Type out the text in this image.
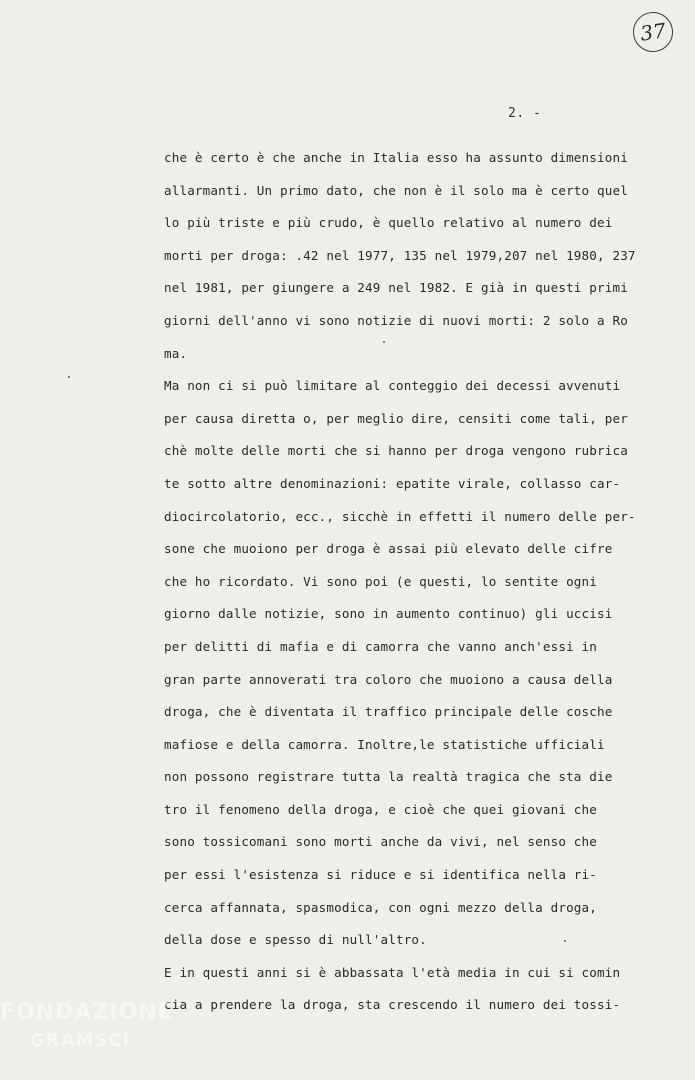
37
2. -
che è certo è che anche in Italia esso ha assunto dimensioni
allarmanti. Un primo dato, che non è il solo ma è certo quel
lo più triste e più crudo, è quello relativo al numero dei
morti per droga: .42 nel 1977, 135 nel 1979,207 nel 1980, 237
nel 1981, per giungere a 249 nel 1982. E già in questi primi
giorni dell'anno vi sono notizie di nuovi morti: 2 solo a Ro
ma.
Ma non ci si può limitare al conteggio dei decessi avvenuti
per causa diretta o, per meglio dire, censiti come tali, per
chè molte delle morti che si hanno per droga vengono rubrica
te sotto altre denominazioni: epatite virale, collasso car-
diocircolatorio, ecc., sicchè in effetti il numero delle per-
sone che muoiono per droga è assai più elevato delle cifre
che ho ricordato. Vi sono poi (e questi, lo sentite ogni
giorno dalle notizie, sono in aumento continuo) gli uccisi
per delitti di mafia e di camorra che vanno anch'essi in
gran parte annoverati tra coloro che muoiono a causa della
droga, che è diventata il traffico principale delle cosche
mafiose e della camorra. Inoltre,le statistiche ufficiali
non possono registrare tutta la realtà tragica che sta die
tro il fenomeno della droga, e cioè che quei giovani che
sono tossicomani sono morti anche da vivi, nel senso che
per essi l'esistenza si riduce e si identifica nella ri-
cerca affannata, spasmodica, con ogni mezzo della droga,
della dose e spesso di null'altro.
E in questi anni si è abbassata l'età media in cui si comin
cia a prendere la droga, sta crescendo il numero dei tossi-
FONDAZIONE
GRAMSCI
